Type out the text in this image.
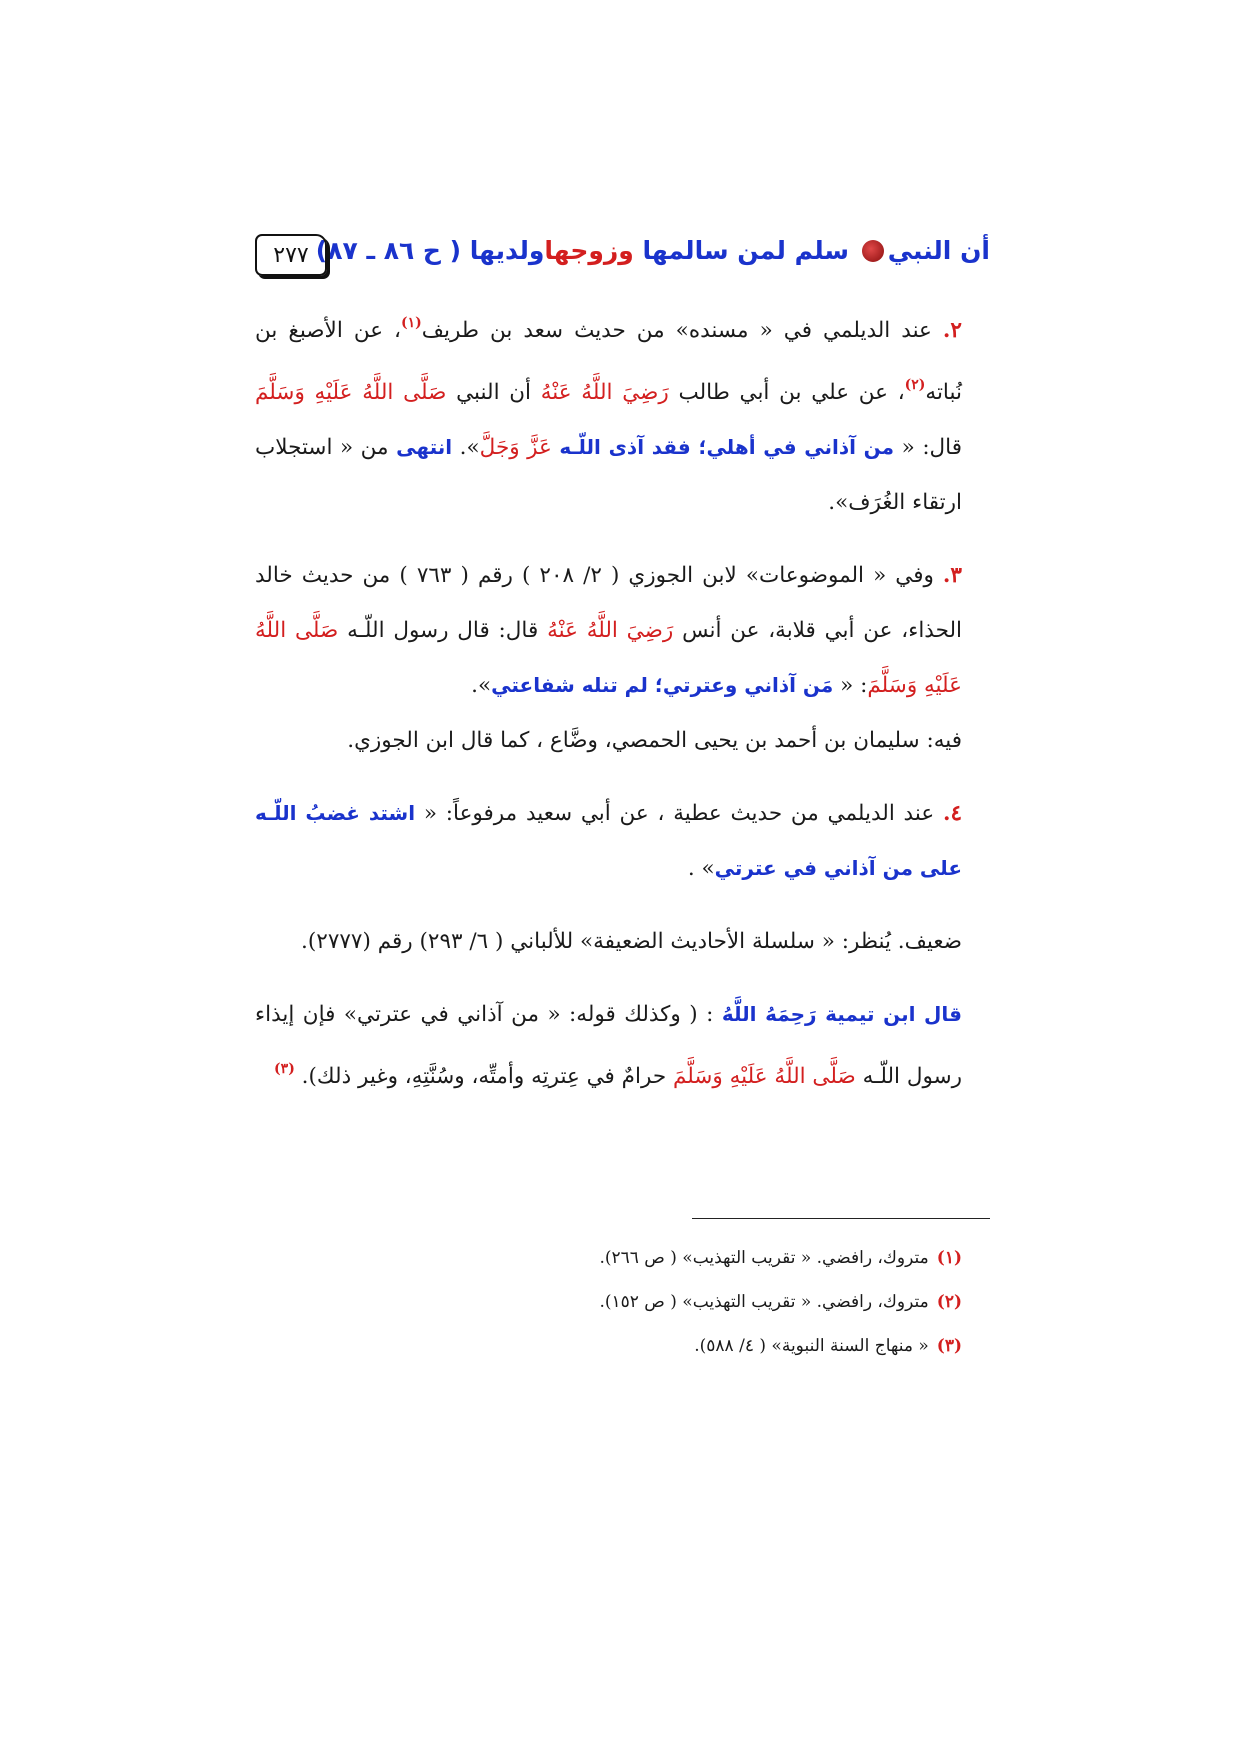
أن النبي سلم لمن سالمها وزوجهاولديها ( ح ٨٦ ـ ٨٧)
٢٧٧

٢. عند الديلمي في « مسنده» من حديث سعد بن طريف$^{(١)}$، عن الأصبغ بن نُباته$^{(٢)}$، عن علي بن أبي طالب رَضِيَ اللَّهُ عَنْهُ أن النبي صَلَّى اللَّهُ عَلَيْهِ وَسَلَّمَ قال: « من آذاني في أهلي؛ فقد آذى اللّـه عَزَّ وَجَلَّ». انتهى من « استجلاب ارتقاء الغُرَف».

٣. وفي « الموضوعات» لابن الجوزي ( ٢/ ٢٠٨ ) رقم ( ٧٦٣ ) من حديث خالد الحذاء، عن أبي قلابة، عن أنس رَضِيَ اللَّهُ عَنْهُ قال: قال رسول اللّـه صَلَّى اللَّهُ عَلَيْهِ وَسَلَّمَ: « مَن آذاني وعترتي؛ لم تنله شفاعتي».

فيه: سليمان بن أحمد بن يحيى الحمصي، وضَّاع ، كما قال ابن الجوزي.

٤. عند الديلمي من حديث عطية ، عن أبي سعيد مرفوعاً: « اشتد غضبُ اللّـه على من آذاني في عترتي» .

ضعيف. يُنظر: « سلسلة الأحاديث الضعيفة» للألباني ( ٦/ ٢٩٣) رقم (٢٧٧٧).

قال ابن تيمية رَحِمَهُ اللَّهُ : ( وكذلك قوله: « من آذاني في عترتي» فإن إيذاء رسول اللّـه صَلَّى اللَّهُ عَلَيْهِ وَسَلَّمَ حرامٌ في عِترتِه وأمتِّه، وسُنَّتِهِ، وغير ذلك). $^{(٣)}$

(١)متروك، رافضي. « تقريب التهذيب» ( ص ٢٦٦).

(٢)متروك، رافضي. « تقريب التهذيب» ( ص ١٥٢).

(٣)« منهاج السنة النبوية» ( ٤/ ٥٨٨).
